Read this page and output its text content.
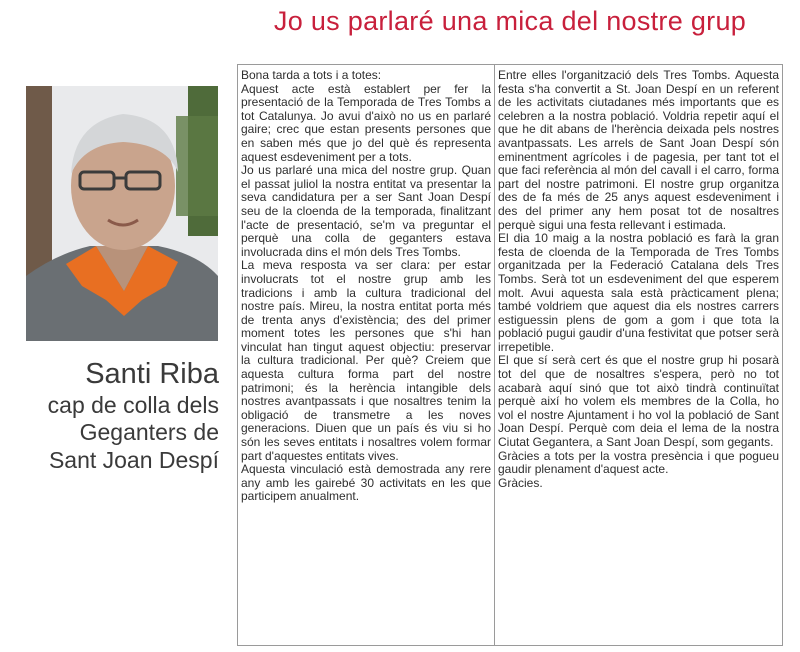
Jo us parlaré una mica del nostre grup
Santi Riba
cap de colla dels
Geganters de
Sant Joan Despí

Bona tarda a tots i a totes:

Aquest acte està establert per fer la presentació de la Temporada de Tres Tombs a tot Catalunya. Jo avui d'això no us en parlaré gaire; crec que estan presents persones que en saben més que jo del què és representa aquest esdeveniment per a tots.

Jo us parlaré una mica del nostre grup. Quan el passat juliol la nostra entitat va presentar la seva candidatura per a ser Sant Joan Despí seu de la cloenda de la temporada, finalitzant l'acte de presentació, se'm va preguntar el perquè una colla de geganters estava involucrada dins el món dels Tres Tombs.

La meva resposta va ser clara: per estar involucrats tot el nostre grup amb les tradicions i amb la cultura tradicional del nostre país. Mireu, la nostra entitat porta més de trenta anys d'existència; des del primer moment totes les persones que s'hi han vinculat han tingut aquest objectiu: preservar la cultura tradicional. Per què? Creiem que aquesta cultura forma part del nostre patrimoni; és la herència intangible dels nostres avantpassats i que nosaltres tenim la obligació de transmetre a les noves generacions. Diuen que un país és viu si ho són les seves entitats i nosaltres volem formar part d'aquestes entitats vives.

Aquesta vinculació està demostrada any rere any amb les gairebé 30 activitats en les que participem anualment.

Entre elles l'organització dels Tres Tombs. Aquesta festa s'ha convertit a St. Joan Despí en un referent de les activitats ciutadanes més importants que es celebren a la nostra població. Voldria repetir aquí el que he dit abans de l'herència deixada pels nostres avantpassats. Les arrels de Sant Joan Despí són eminentment agrícoles i de pagesia, per tant tot el que faci referència al món del cavall i el carro, forma part del nostre patrimoni. El nostre grup organitza des de fa més de 25 anys aquest esdeveniment i des del primer any hem posat tot de nosaltres perquè sigui una festa rellevant i estimada.

El dia 10 maig a la nostra població es farà la gran festa de cloenda de la Temporada de Tres Tombs organitzada per la Federació Catalana dels Tres Tombs. Serà tot un esdeveniment del que esperem molt. Avui aquesta sala està pràcticament plena; també voldriem que aquest dia els nostres carrers estiguessin plens de gom a gom i que tota la població pugui gaudir d'una festivitat que potser serà irrepetible.

El que sí serà cert és que el nostre grup hi posarà tot del que de nosaltres s'espera, però no tot acabarà aquí sinó que tot això tindrà continuïtat perquè així ho volem els membres de la Colla, ho vol el nostre Ajuntament i ho vol la població de Sant Joan Despí. Perquè com deia el lema de la nostra Ciutat Gegantera, a Sant Joan Despí, som gegants.

Gràcies a tots per la vostra presència i que pogueu gaudir plenament d'aquest acte.

Gràcies.
